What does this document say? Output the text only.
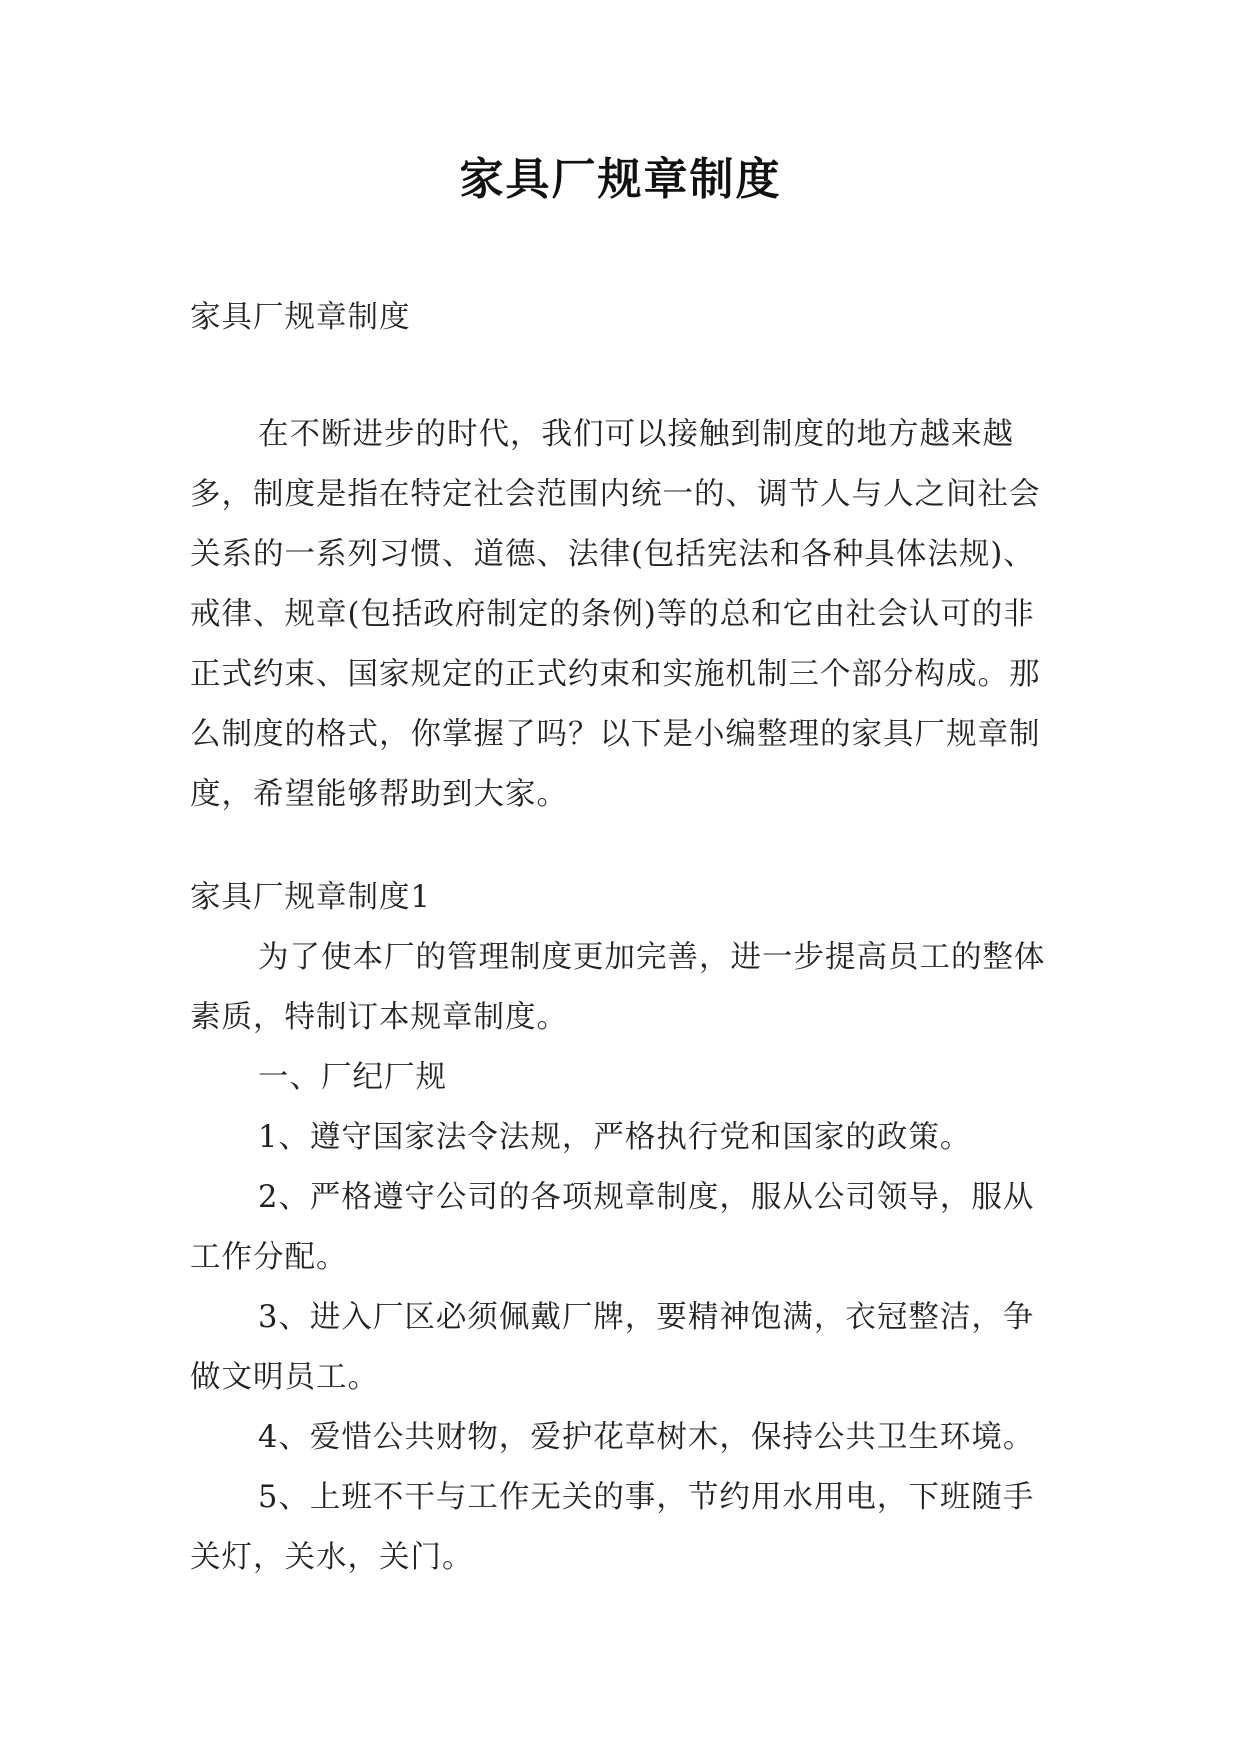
家具厂规章制度

家具厂规章制度

在不断进步的时代，我们可以接触到制度的地方越来越多，制度是指在特定社会范围内统一的、调节人与人之间社会关系的一系列习惯、道德、法律(包括宪法和各种具体法规)、戒律、规章(包括政府制定的条例)等的总和它由社会认可的非正式约束、国家规定的正式约束和实施机制三个部分构成。那么制度的格式，你掌握了吗？以下是小编整理的家具厂规章制度，希望能够帮助到大家。

家具厂规章制度1

为了使本厂的管理制度更加完善，进一步提高员工的整体素质，特制订本规章制度。

一、厂纪厂规

1、遵守国家法令法规，严格执行党和国家的政策。

2、严格遵守公司的各项规章制度，服从公司领导，服从工作分配。

3、进入厂区必须佩戴厂牌，要精神饱满，衣冠整洁，争做文明员工。

4、爱惜公共财物，爱护花草树木，保持公共卫生环境。

5、上班不干与工作无关的事，节约用水用电，下班随手关灯，关水，关门。
